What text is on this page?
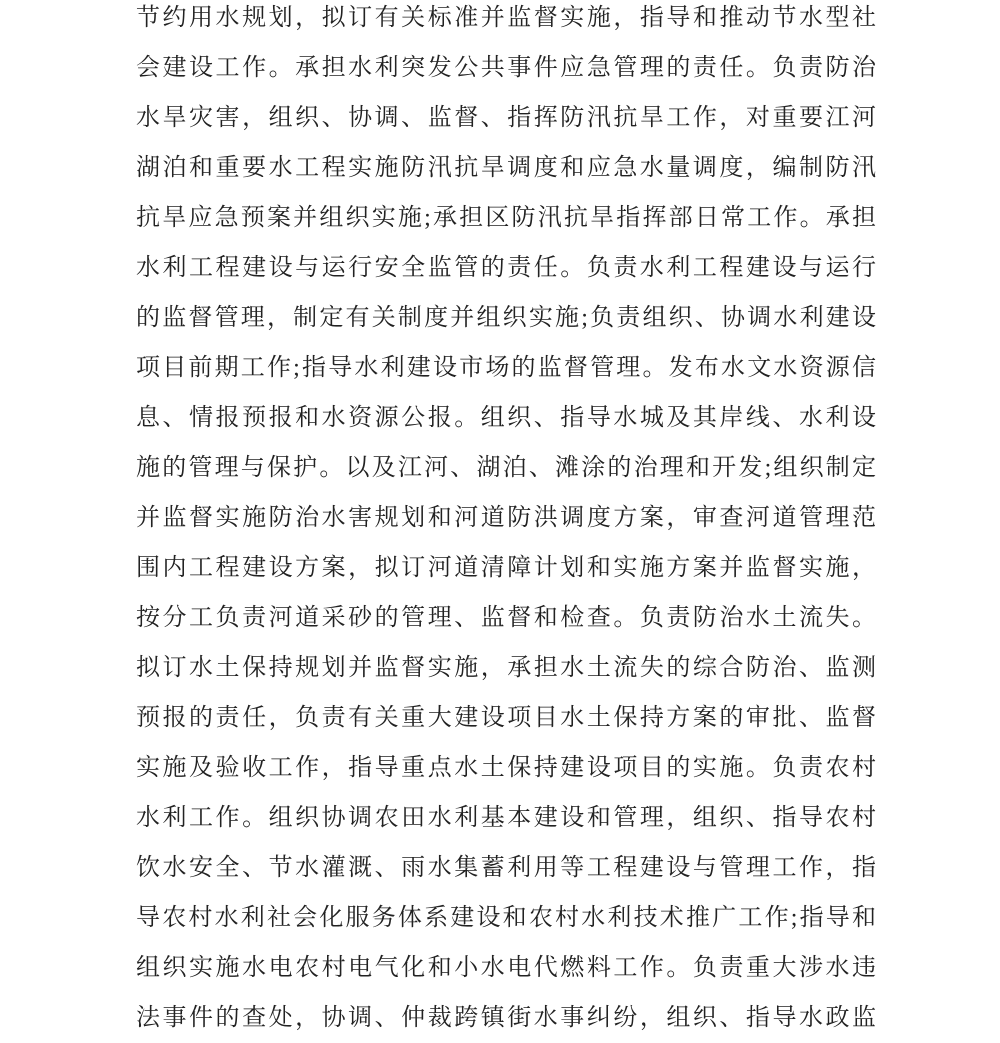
节约用水规划，拟订有关标准并监督实施，指导和推动节水型社
会建设工作。承担水利突发公共事件应急管理的责任。负责防治
水旱灾害，组织、协调、监督、指挥防汛抗旱工作，对重要江河
湖泊和重要水工程实施防汛抗旱调度和应急水量调度，编制防汛
抗旱应急预案并组织实施;承担区防汛抗旱指挥部日常工作。承担
水利工程建设与运行安全监管的责任。负责水利工程建设与运行
的监督管理，制定有关制度并组织实施;负责组织、协调水利建设
项目前期工作;指导水利建设市场的监督管理。发布水文水资源信
息、情报预报和水资源公报。组织、指导水城及其岸线、水利设
施的管理与保护。以及江河、湖泊、滩涂的治理和开发;组织制定
并监督实施防治水害规划和河道防洪调度方案，审查河道管理范
围内工程建设方案，拟订河道清障计划和实施方案并监督实施，
按分工负责河道采砂的管理、监督和检查。负责防治水土流失。
拟订水土保持规划并监督实施，承担水土流失的综合防治、监测
预报的责任，负责有关重大建设项目水土保持方案的审批、监督
实施及验收工作，指导重点水土保持建设项目的实施。负责农村
水利工作。组织协调农田水利基本建设和管理，组织、指导农村
饮水安全、节水灌溉、雨水集蓄利用等工程建设与管理工作，指
导农村水利社会化服务体系建设和农村水利技术推广工作;指导和
组织实施水电农村电气化和小水电代燃料工作。负责重大涉水违
法事件的查处，协调、仲裁跨镇街水事纠纷，组织、指导水政监
